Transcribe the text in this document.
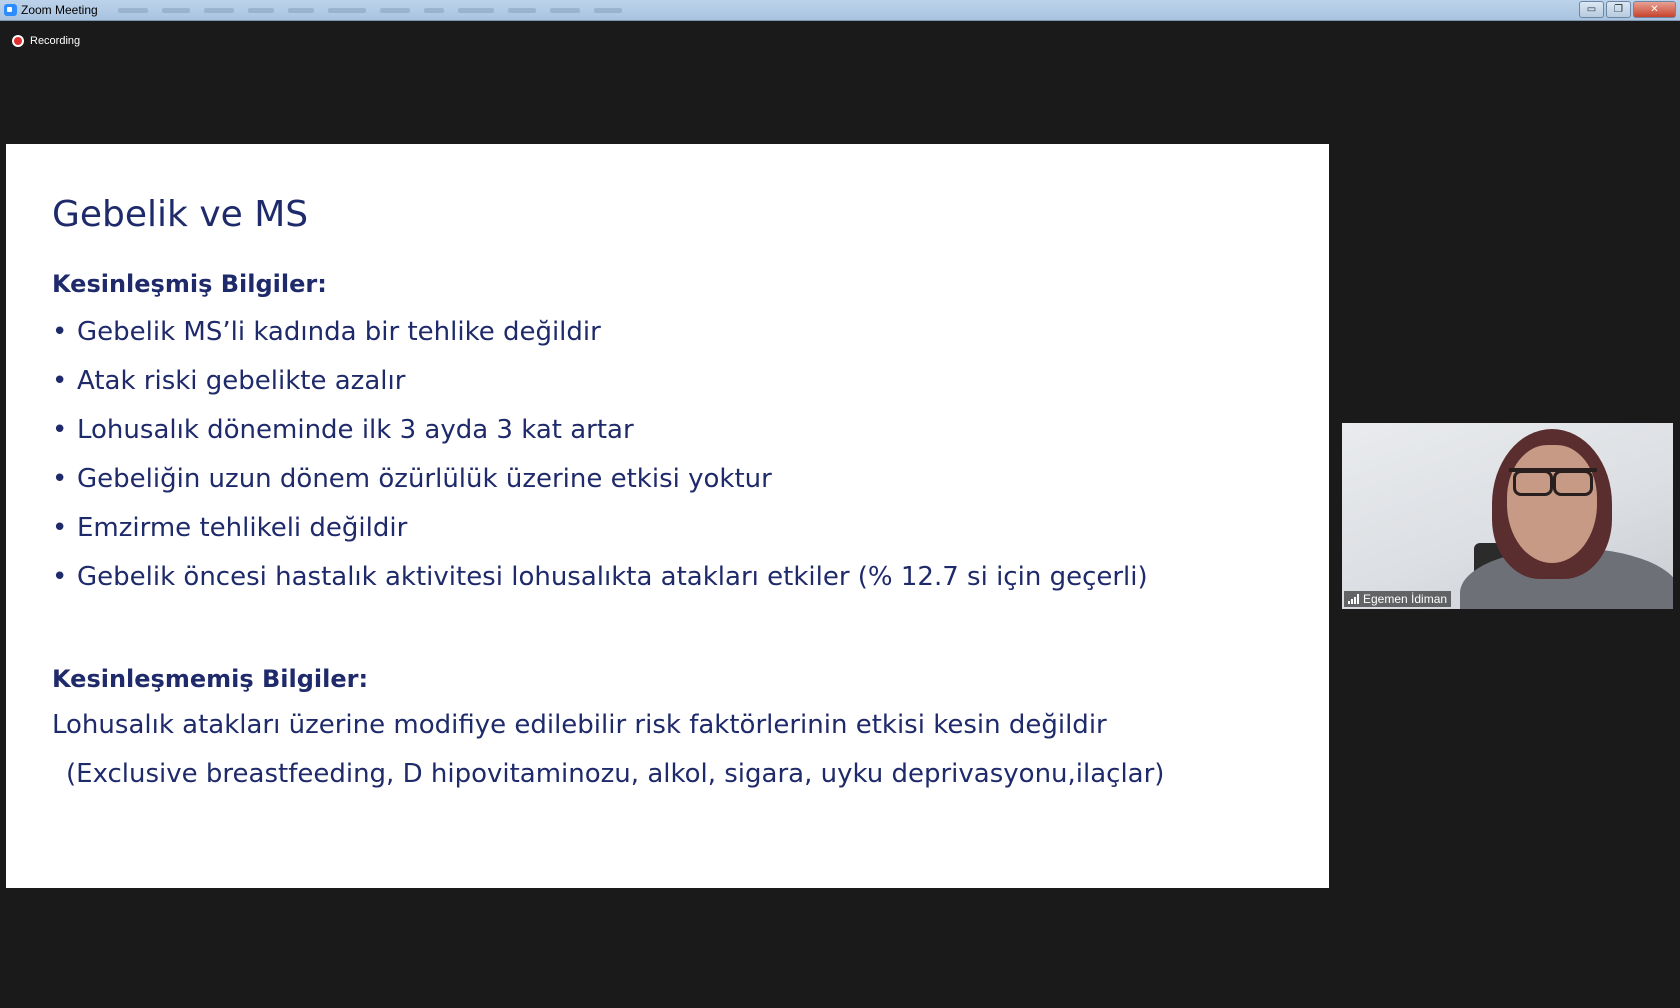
Zoom Meeting	▭	❐	✕
Recording
Gebelik ve MS
Kesinleşmiş Bilgiler:
• Gebelik MS’li kadında bir tehlike değildir
• Atak riski gebelikte azalır
• Lohusalık döneminde ilk 3 ayda 3 kat artar
• Gebeliğin uzun dönem özürlülük üzerine etkisi yoktur
• Emzirme tehlikeli değildir
• Gebelik öncesi hastalık aktivitesi lohusalıkta atakları etkiler (% 12.7 si için geçerli)
Kesinleşmemiş Bilgiler:
Lohusalık atakları üzerine modifiye edilebilir risk faktörlerinin etkisi kesin değildir
(Exclusive breastfeeding, D hipovitaminozu, alkol, sigara, uyku deprivasyonu,ilaçlar)
Egemen İdiman
